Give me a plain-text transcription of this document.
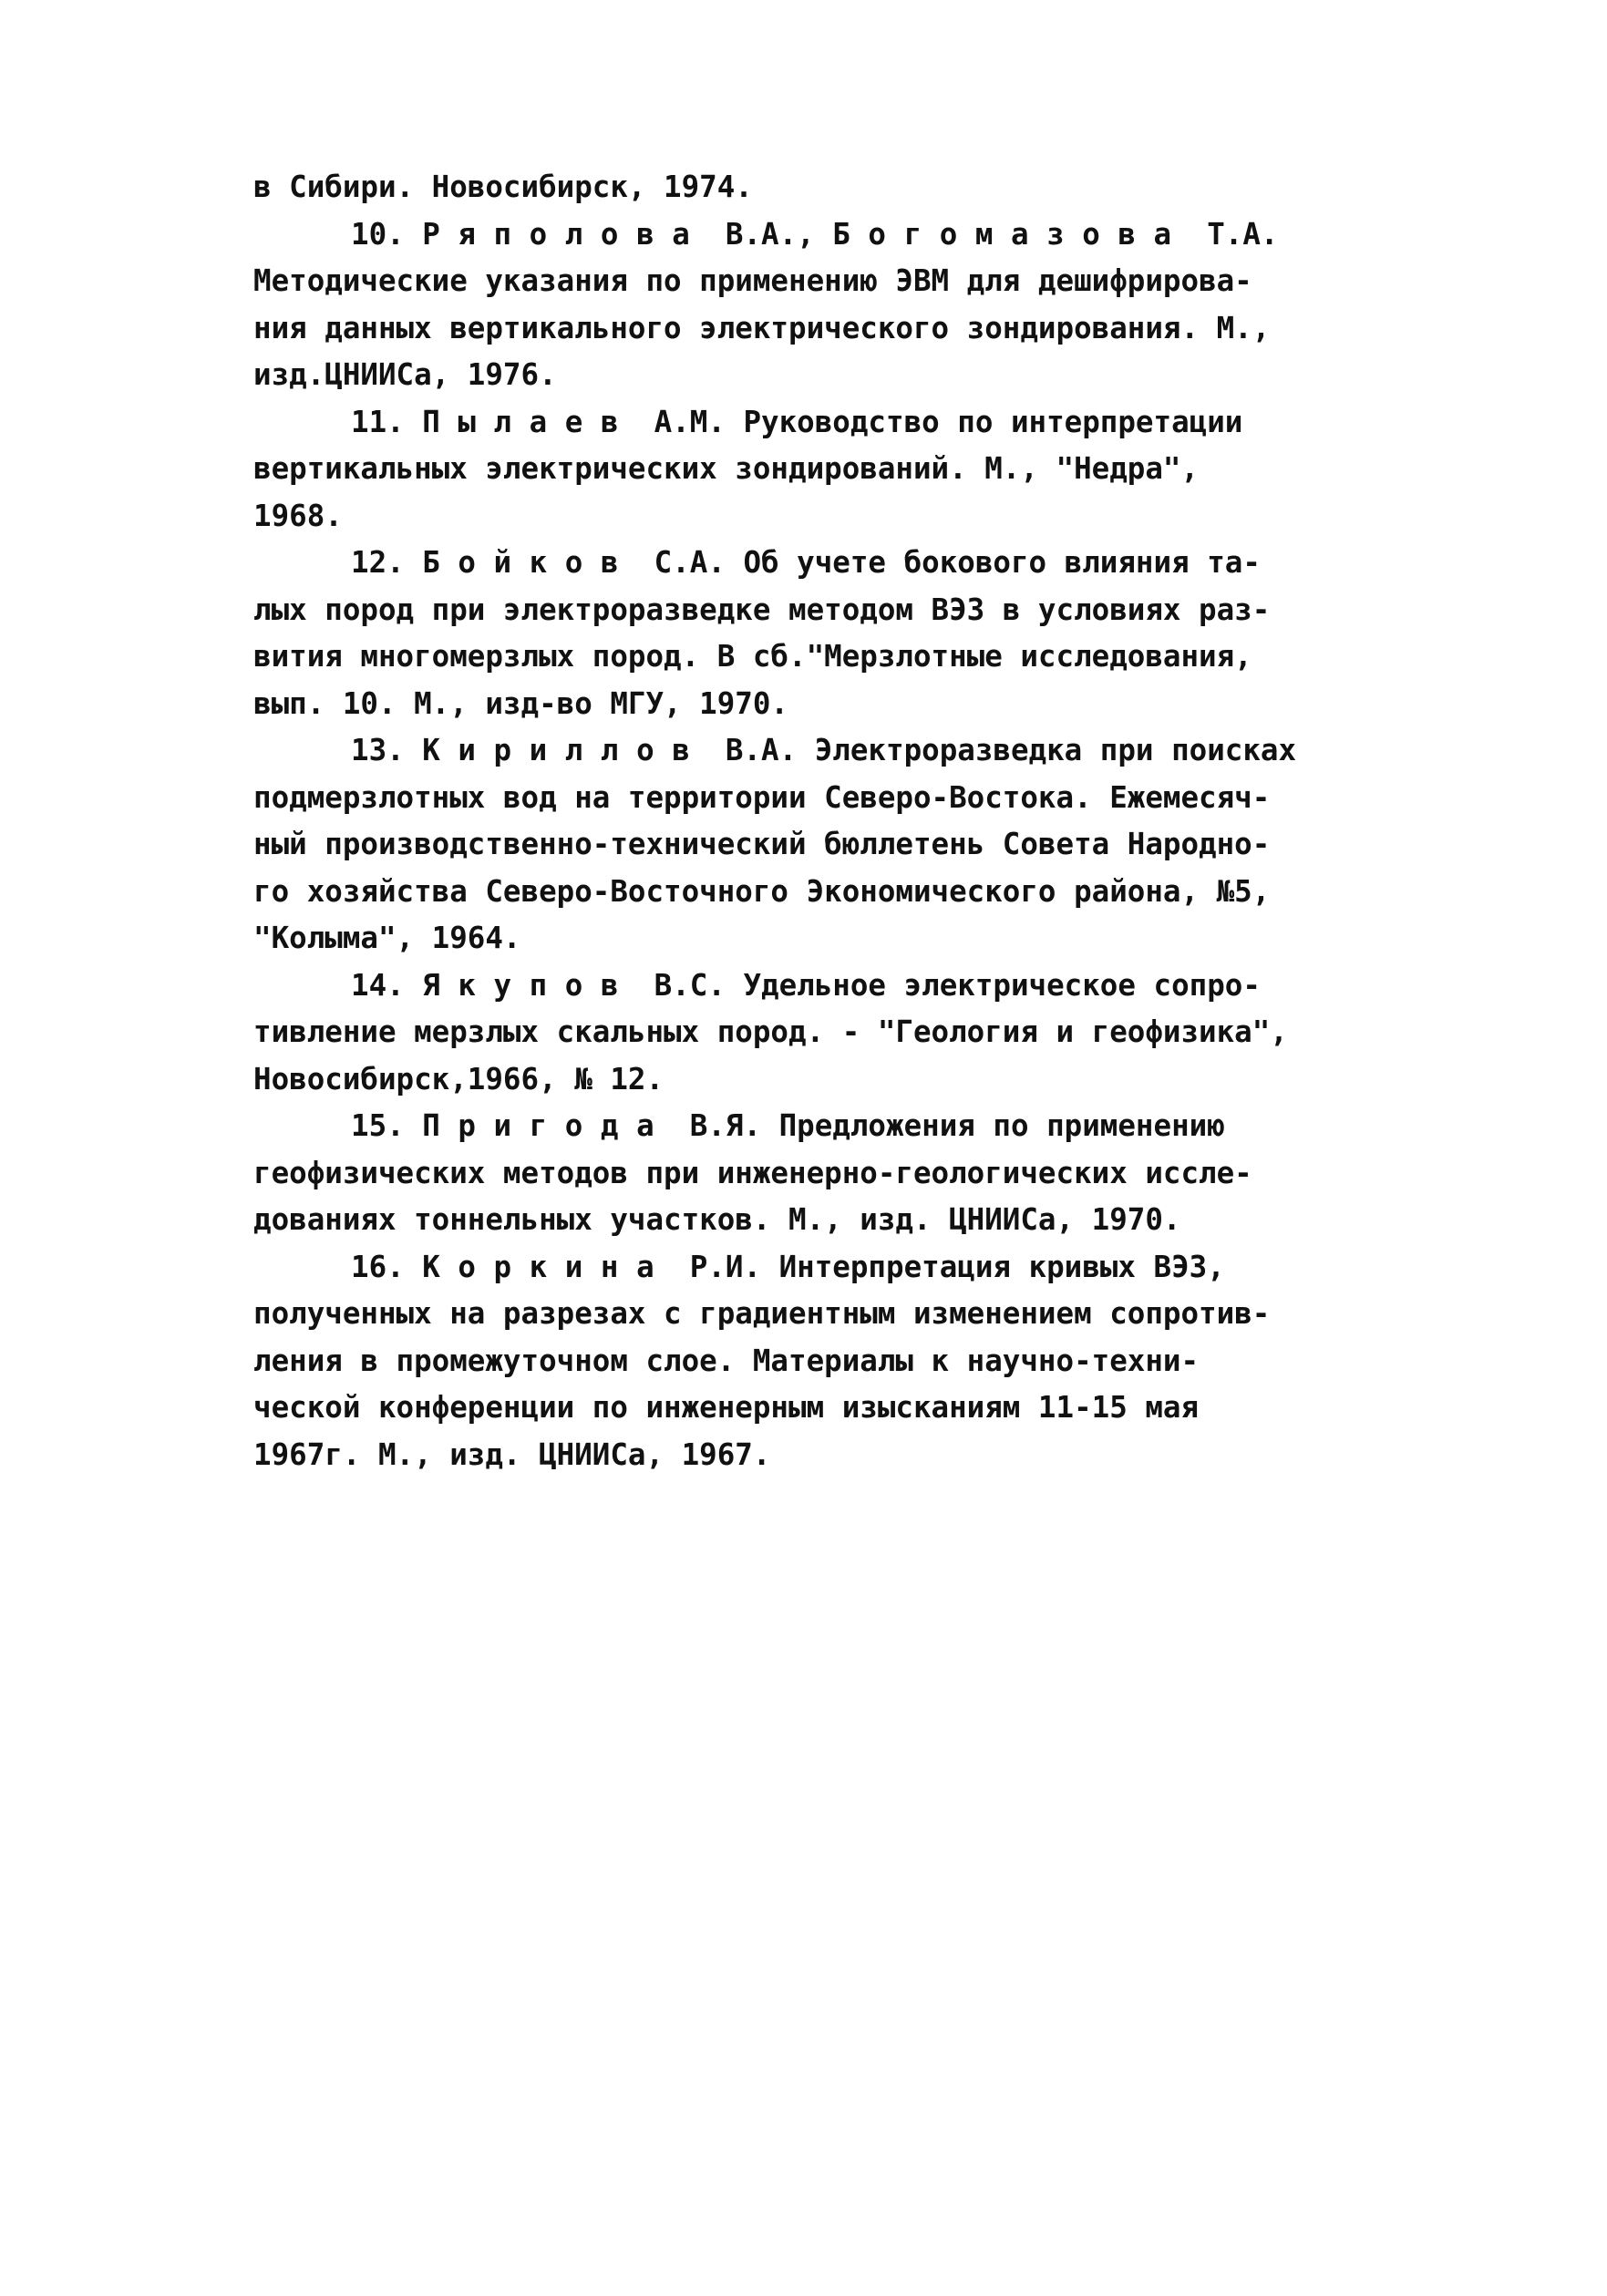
в Сибири. Новосибирск, 1974.
10. Р я п о л о в а  В.А., Б о г о м а з о в а  Т.А.
Методические указания по применению ЭВМ для дешифрирова-
ния данных вертикального электрического зондирования. М.,
изд.ЦНИИСа, 1976.
11. П ы л а е в  А.М. Руководство по интерпретации
вертикальных электрических зондирований. М., "Недра",
1968.
12. Б о й к о в  С.А. Об учете бокового влияния та-
лых пород при электроразведке методом ВЭЗ в условиях раз-
вития многомерзлых пород. В сб."Мерзлотные исследования,
вып. 10. М., изд-во МГУ, 1970.
13. К и р и л л о в  В.А. Электроразведка при поисках
подмерзлотных вод на территории Северо-Востока. Ежемесяч-
ный производственно-технический бюллетень Совета Народно-
го хозяйства Северо-Восточного Экономического района, №5,
"Колыма", 1964.
14. Я к у п о в  В.С. Удельное электрическое сопро-
тивление мерзлых скальных пород. - "Геология и геофизика",
Новосибирск,1966, № 12.
15. П р и г о д а  В.Я. Предложения по применению
геофизических методов при инженерно-геологических иссле-
дованиях тоннельных участков. М., изд. ЦНИИСа, 1970.
16. К о р к и н а  Р.И. Интерпретация кривых ВЭЗ,
полученных на разрезах с градиентным изменением сопротив-
ления в промежуточном слое. Материалы к научно-техни-
ческой конференции по инженерным изысканиям 11-15 мая
1967г. М., изд. ЦНИИСа, 1967.
